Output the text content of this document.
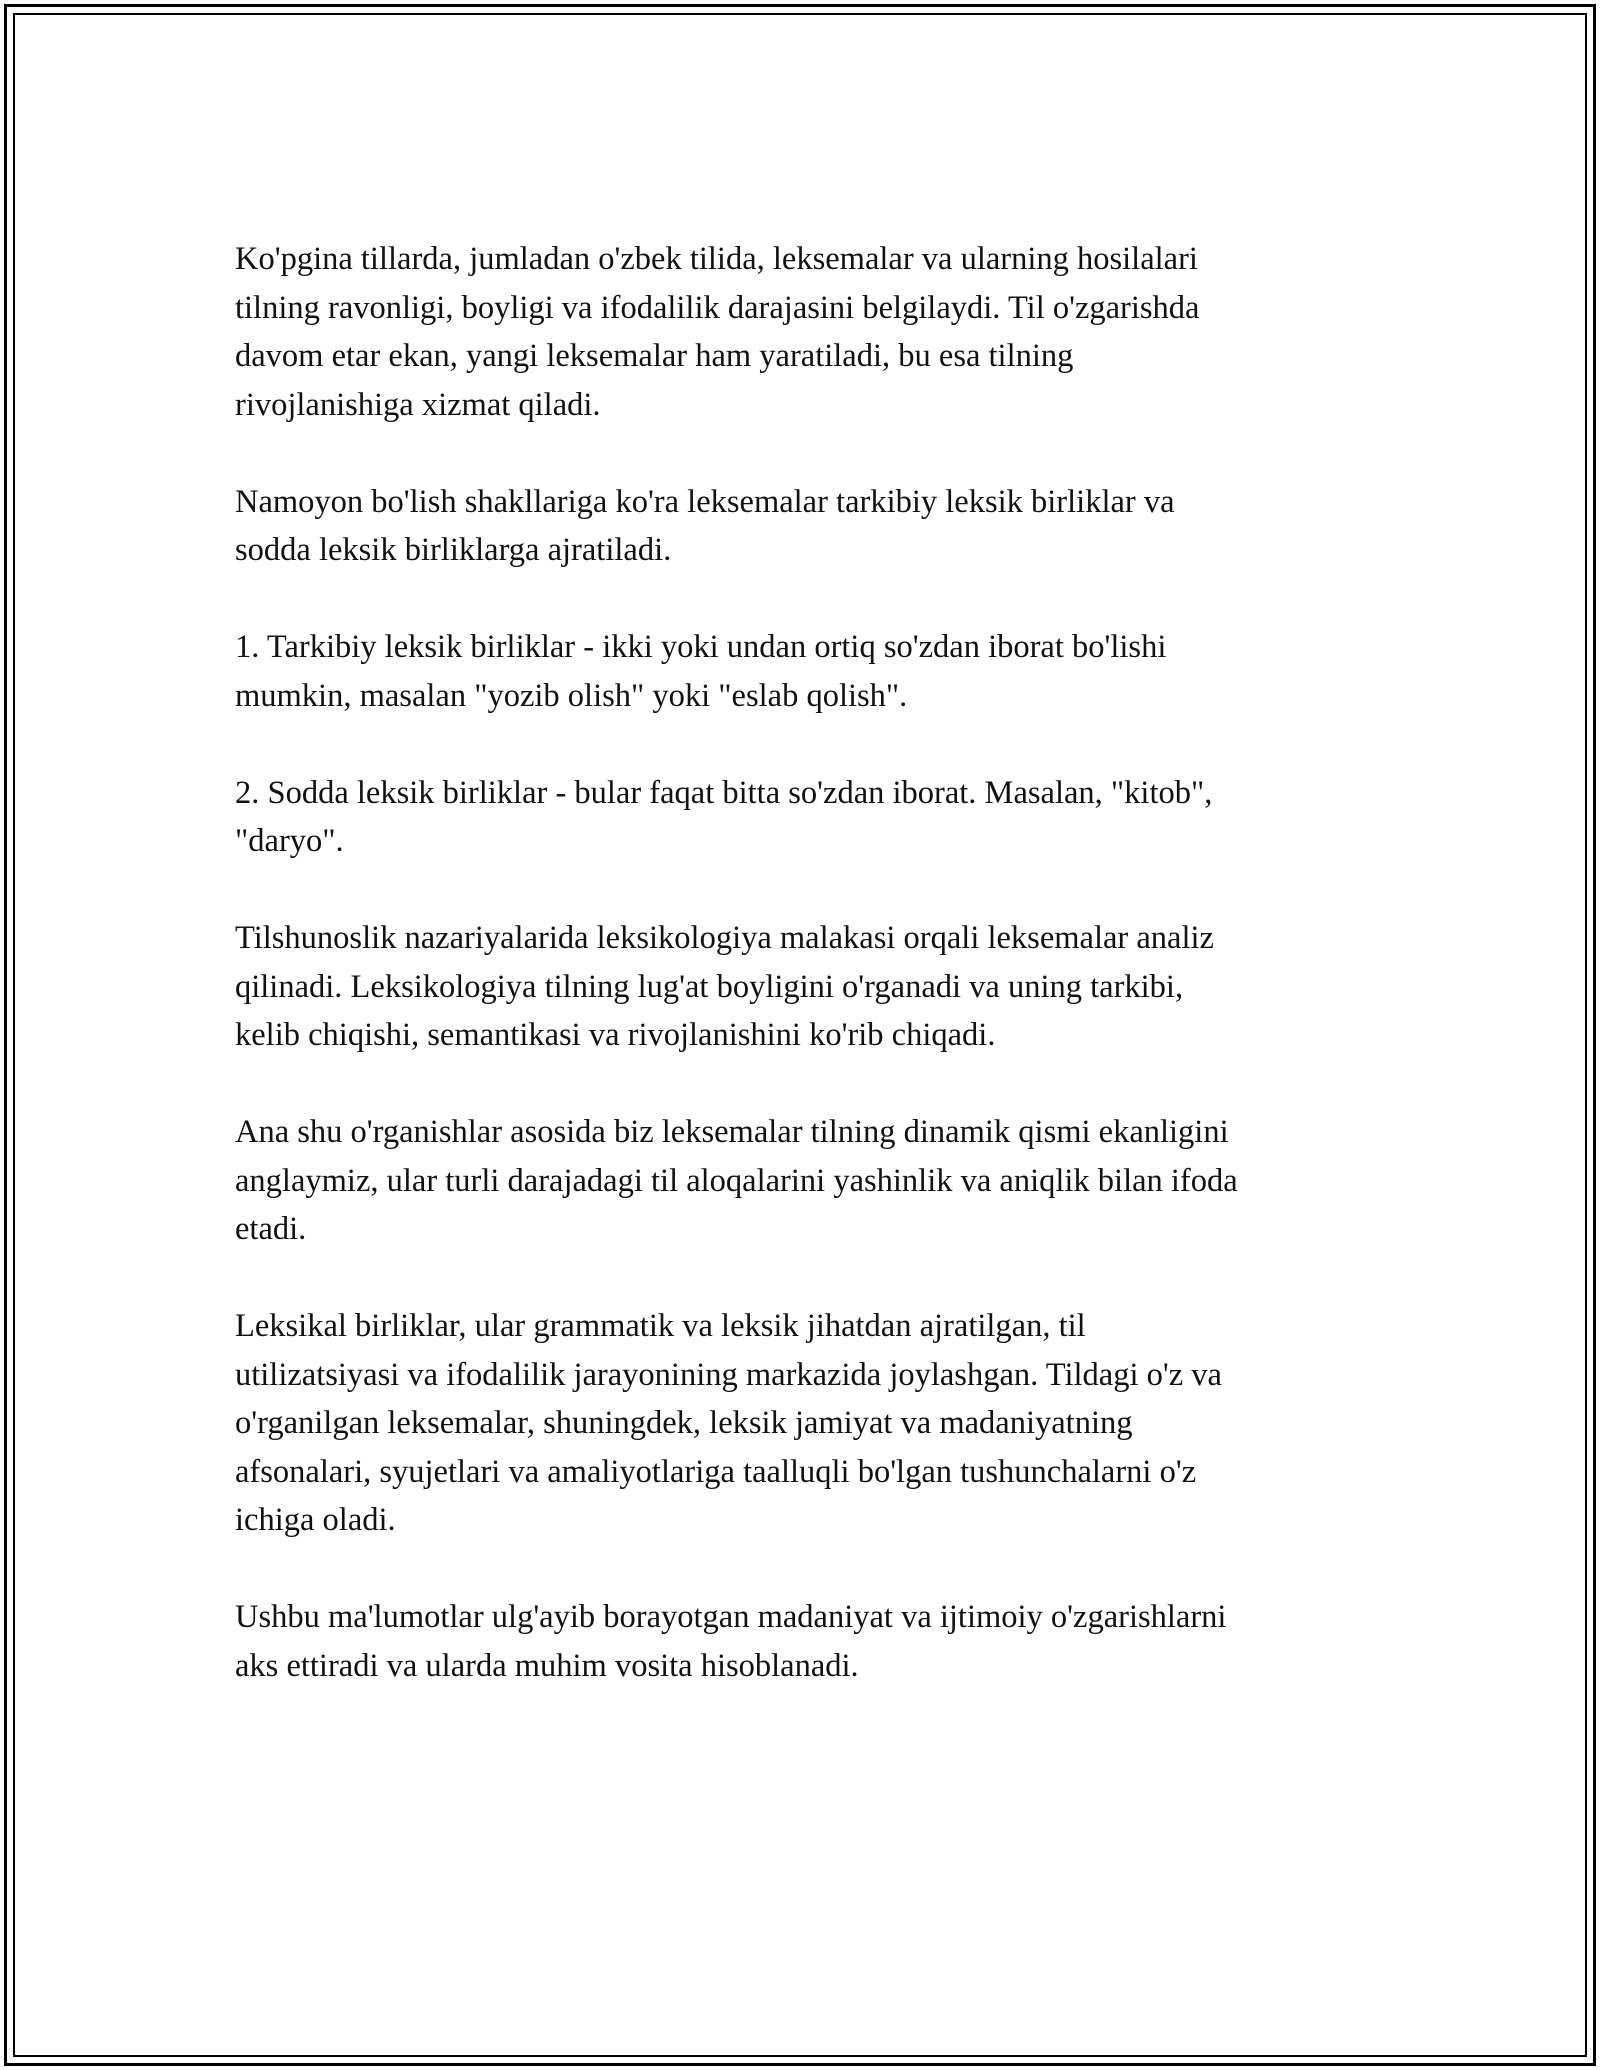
Ko'pgina tillarda, jumladan o'zbek tilida, leksemalar va ularning hosilalari
tilning ravonligi, boyligi va ifodalilik darajasini belgilaydi. Til o'zgarishda
davom etar ekan, yangi leksemalar ham yaratiladi, bu esa tilning
rivojlanishiga xizmat qiladi.

Namoyon bo'lish shakllariga ko'ra leksemalar tarkibiy leksik birliklar va
sodda leksik birliklarga ajratiladi.

1. Tarkibiy leksik birliklar - ikki yoki undan ortiq so'zdan iborat bo'lishi
mumkin, masalan "yozib olish" yoki "eslab qolish".

2. Sodda leksik birliklar - bular faqat bitta so'zdan iborat. Masalan, "kitob",
"daryo".

Tilshunoslik nazariyalarida leksikologiya malakasi orqali leksemalar analiz
qilinadi. Leksikologiya tilning lug'at boyligini o'rganadi va uning tarkibi,
kelib chiqishi, semantikasi va rivojlanishini ko'rib chiqadi.

Ana shu o'rganishlar asosida biz leksemalar tilning dinamik qismi ekanligini
anglaymiz, ular turli darajadagi til aloqalarini yashinlik va aniqlik bilan ifoda
etadi.

Leksikal birliklar, ular grammatik va leksik jihatdan ajratilgan, til
utilizatsiyasi va ifodalilik jarayonining markazida joylashgan. Tildagi o'z va
o'rganilgan leksemalar, shuningdek, leksik jamiyat va madaniyatning
afsonalari, syujetlari va amaliyotlariga taalluqli bo'lgan tushunchalarni o'z
ichiga oladi.

Ushbu ma'lumotlar ulg'ayib borayotgan madaniyat va ijtimoiy o'zgarishlarni
aks ettiradi va ularda muhim vosita hisoblanadi.
